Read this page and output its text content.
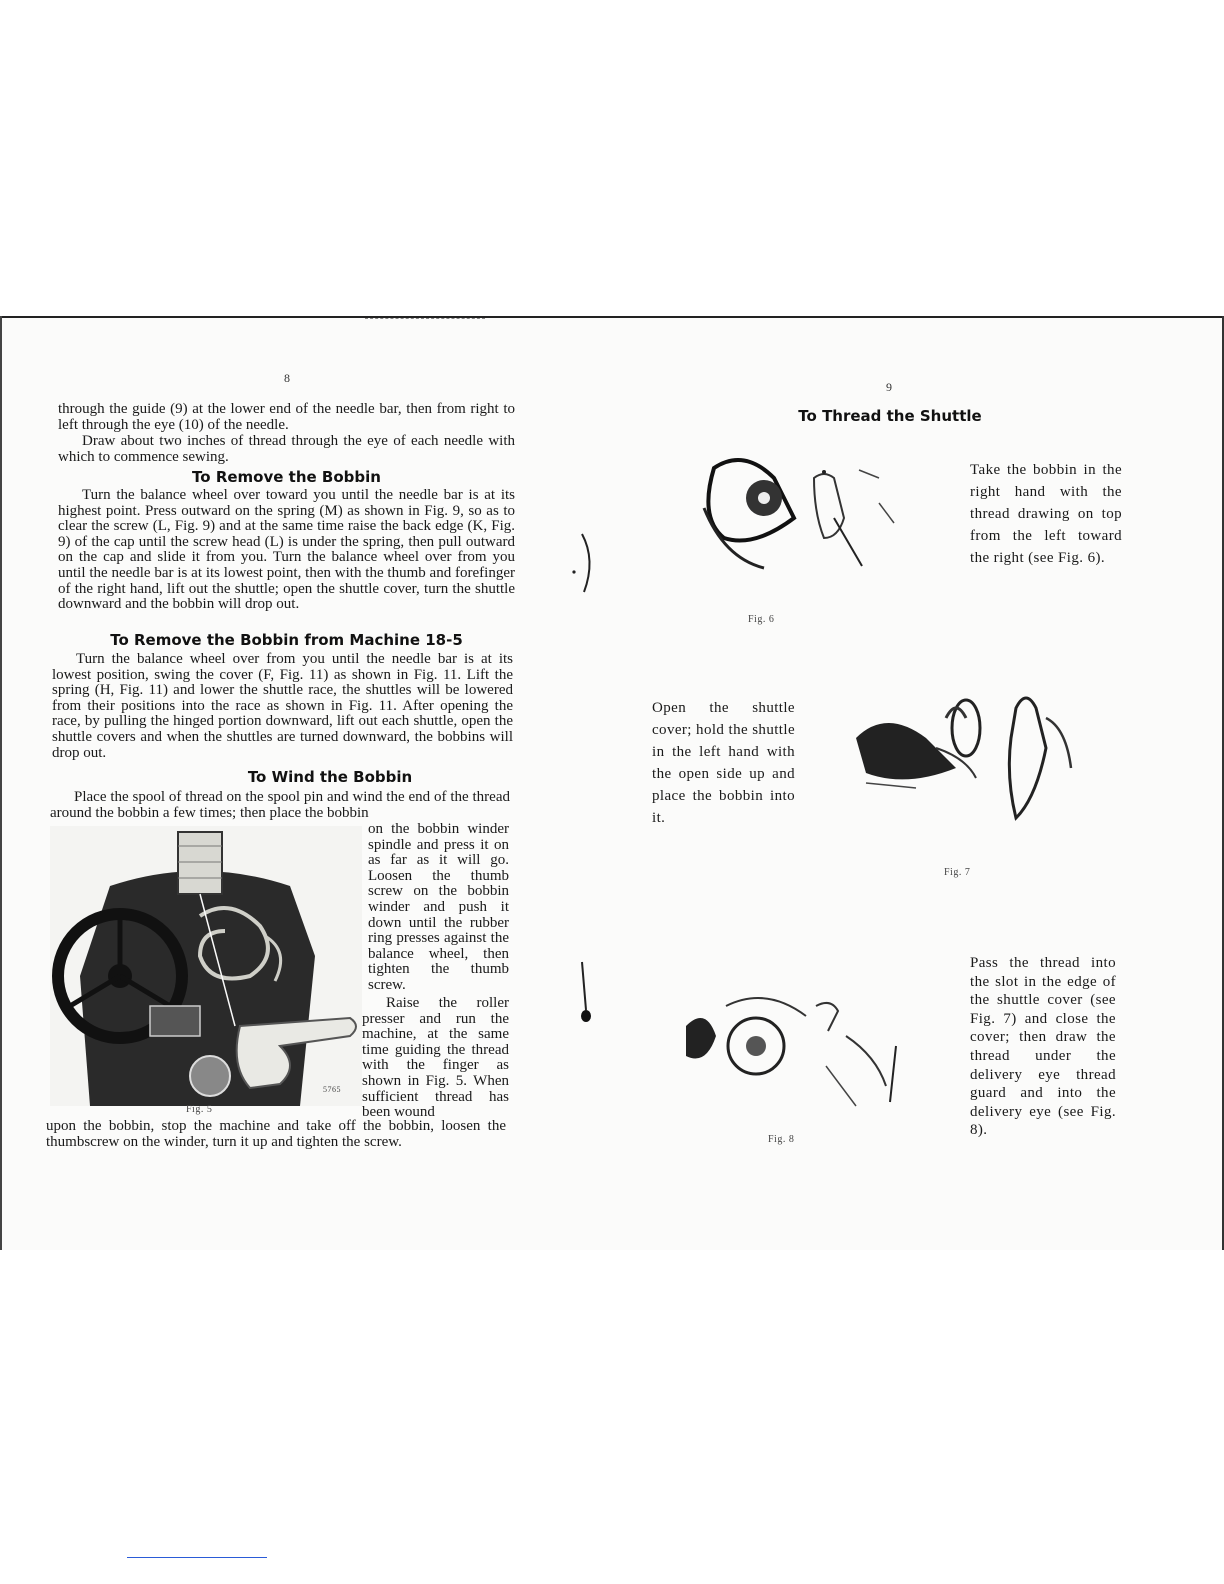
8

through the guide (9) at the lower end of the needle bar, then from right to left through the eye (10) of the needle.

Draw about two inches of thread through the eye of each needle with which to commence sewing.

To Remove the Bobbin

Turn the balance wheel over toward you until the needle bar is at its highest point. Press outward on the spring (M) as shown in Fig. 9, so as to clear the screw (L, Fig. 9) and at the same time raise the back edge (K, Fig. 9) of the cap until the screw head (L) is under the spring, then pull outward on the cap and slide it from you. Turn the balance wheel over from you until the needle bar is at its lowest point, then with the thumb and forefinger of the right hand, lift out the shuttle; open the shuttle cover, turn the shuttle downward and the bobbin will drop out.

To Remove the Bobbin from Machine 18-5

Turn the balance wheel over from you until the needle bar is at its lowest position, swing the cover (F, Fig. 11) as shown in Fig. 11. Lift the spring (H, Fig. 11) and lower the shuttle race, the shuttles will be lowered from their positions into the race as shown in Fig. 11. After opening the race, by pulling the hinged portion downward, lift out each shuttle, open the shuttle covers and when the shuttles are turned downward, the bobbins will drop out.

To Wind the Bobbin

Place the spool of thread on the spool pin and wind the end of the thread around the bobbin a few times; then place the bobbin

on the bobbin winder spindle and press it on as far as it will go. Loosen the thumb screw on the bobbin winder and push it down until the rubber ring presses against the balance wheel, then tighten the thumb screw.

Raise the roller presser and run the machine, at the same time guiding the thread with the finger as shown in Fig. 5. When sufficient thread has been wound

upon the bobbin, stop the machine and take off the bobbin, loosen the thumbscrew on the winder, turn it up and tighten the screw.

Fig. 5
5765
9
To Thread the Shuttle
Fig. 6

Take the bobbin in the right hand with the thread drawing on top from the left toward the right (see Fig. 6).

Open the shuttle cover; hold the shuttle in the left hand with the open side up and place the bobbin into it.

Fig. 7
Fig. 8

Pass the thread into the slot in the edge of the shuttle cover (see Fig. 7) and close the cover; then draw the thread under the delivery eye thread guard and into the delivery eye (see Fig. 8).
